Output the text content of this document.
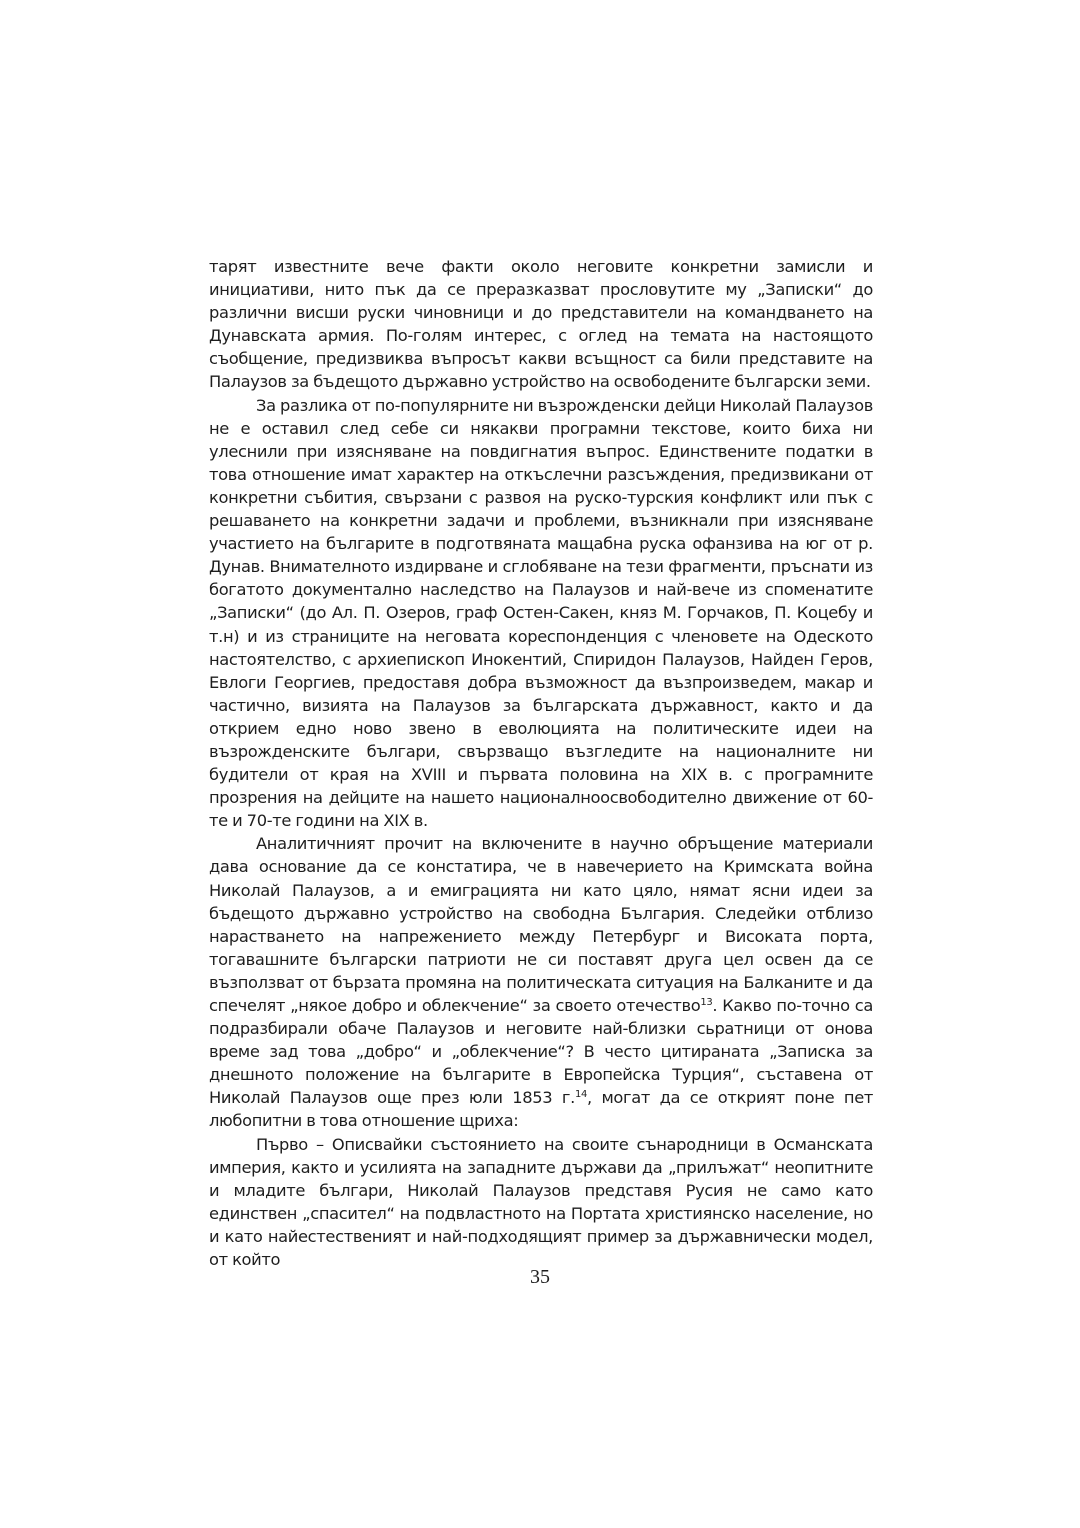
тарят известните вече факти около неговите конкретни замисли и инициативи, нито пък да се преразказват прословутите му „Записки“ до различни висши руски чиновници и до представители на командването на Дунавската армия. По-голям интерес, с оглед на темата на настоящото съобщение, предизвиква въпросът какви всъщност са били представите на Палаузов за бъдещото държавно устройство на освободените български земи.

За разлика от по-популярните ни възрожденски дейци Николай Палаузов не е оставил след себе си някакви програмни текстове, които биха ни улеснили при изясняване на повдигнатия въпрос. Единствените податки в това отношение имат характер на откъслечни разсъждения, предизвикани от конкретни събития, свързани с развоя на руско-турския конфликт или пък с решаването на конкретни задачи и проблеми, възникнали при изясняване участието на българите в подготвяната мащабна руска офанзива на юг от р. Дунав. Внимателното издирване и сглобяване на тези фрагменти, пръснати из богатото документално наследство на Палаузов и най-вече из споменатите „Записки“ (до Ал. П. Озеров, граф Остен-Сакен, княз М. Горчаков, П. Коцебу и т.н) и из страниците на неговата кореспонденция с членовете на Одеското настоятелство, с архиепископ Инокентий, Спиридон Палаузов, Найден Геров, Евлоги Георгиев, предоставя добра възможност да възпроизведем, макар и частично, визията на Палаузов за българската държавност, както и да открием едно ново звено в еволюцията на политическите идеи на възрожденските българи, свързващо възгледите на националните ни будители от края на XVIII и първата половина на XIX в. с програмните прозрения на дейците на нашето националноосвободително движение от 60-те и 70-те години на XIX в.

Аналитичният прочит на включените в научно обръщение материали дава основание да се констатира, че в навечерието на Кримската война Николай Палаузов, а и емиграцията ни като цяло, нямат ясни идеи за бъдещото държавно устройство на свободна България. Следейки отблизо нарастването на напрежението между Петербург и Високата порта, тогавашните български патриоти не си поставят друга цел освен да се възползват от бързата промяна на политическата ситуация на Балканите и да спечелят „някое добро и облекчение“ за своето отечество$^{13}$. Какво по-точно са подразбирали обаче Палаузов и неговите най-близки сьратници от онова време зад това „добро“ и „облекчение“? В често цитираната „Записка за днешното положение на българите в Европейска Турция“, съставена от Николай Палаузов още през юли 1853 г.$^{14}$, могат да се открият поне пет любопитни в това отношение щриха:

Първо – Описвайки състоянието на своите сънародници в Османската империя, както и усилията на западните държави да „прилъжат“ неопитните и младите българи, Николай Палаузов представя Русия не само като единствен „спасител“ на подвластното на Портата християнско население, но и като найестественият и най-подходящият пример за държавнически модел, от който

35
